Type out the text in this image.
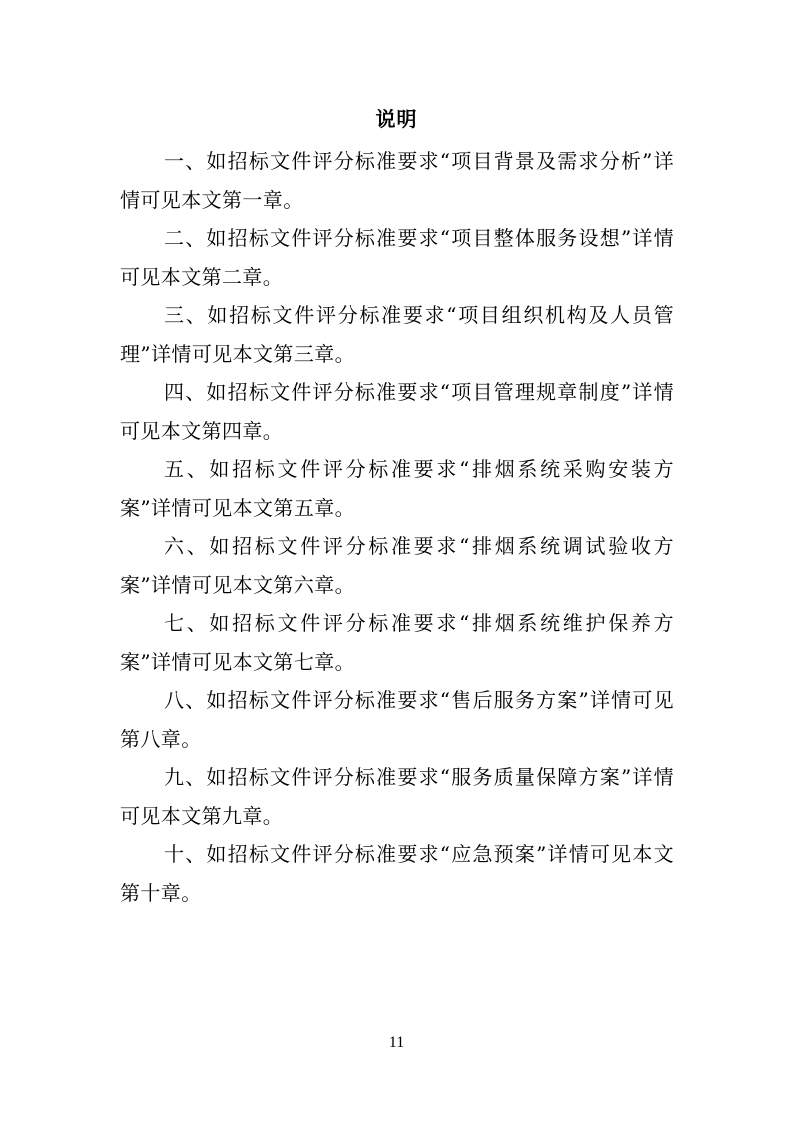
说明

一、如招标文件评分标准要求“项目背景及需求分析”详情可见本文第一章。

二、如招标文件评分标准要求“项目整体服务设想”详情可见本文第二章。

三、如招标文件评分标准要求“项目组织机构及人员管理”详情可见本文第三章。

四、如招标文件评分标准要求“项目管理规章制度”详情可见本文第四章。

五、如招标文件评分标准要求“排烟系统采购安装方案”详情可见本文第五章。

六、如招标文件评分标准要求“排烟系统调试验收方案”详情可见本文第六章。

七、如招标文件评分标准要求“排烟系统维护保养方案”详情可见本文第七章。

八、如招标文件评分标准要求“售后服务方案”详情可见第八章。

九、如招标文件评分标准要求“服务质量保障方案”详情可见本文第九章。

十、如招标文件评分标准要求“应急预案”详情可见本文第十章。

11
